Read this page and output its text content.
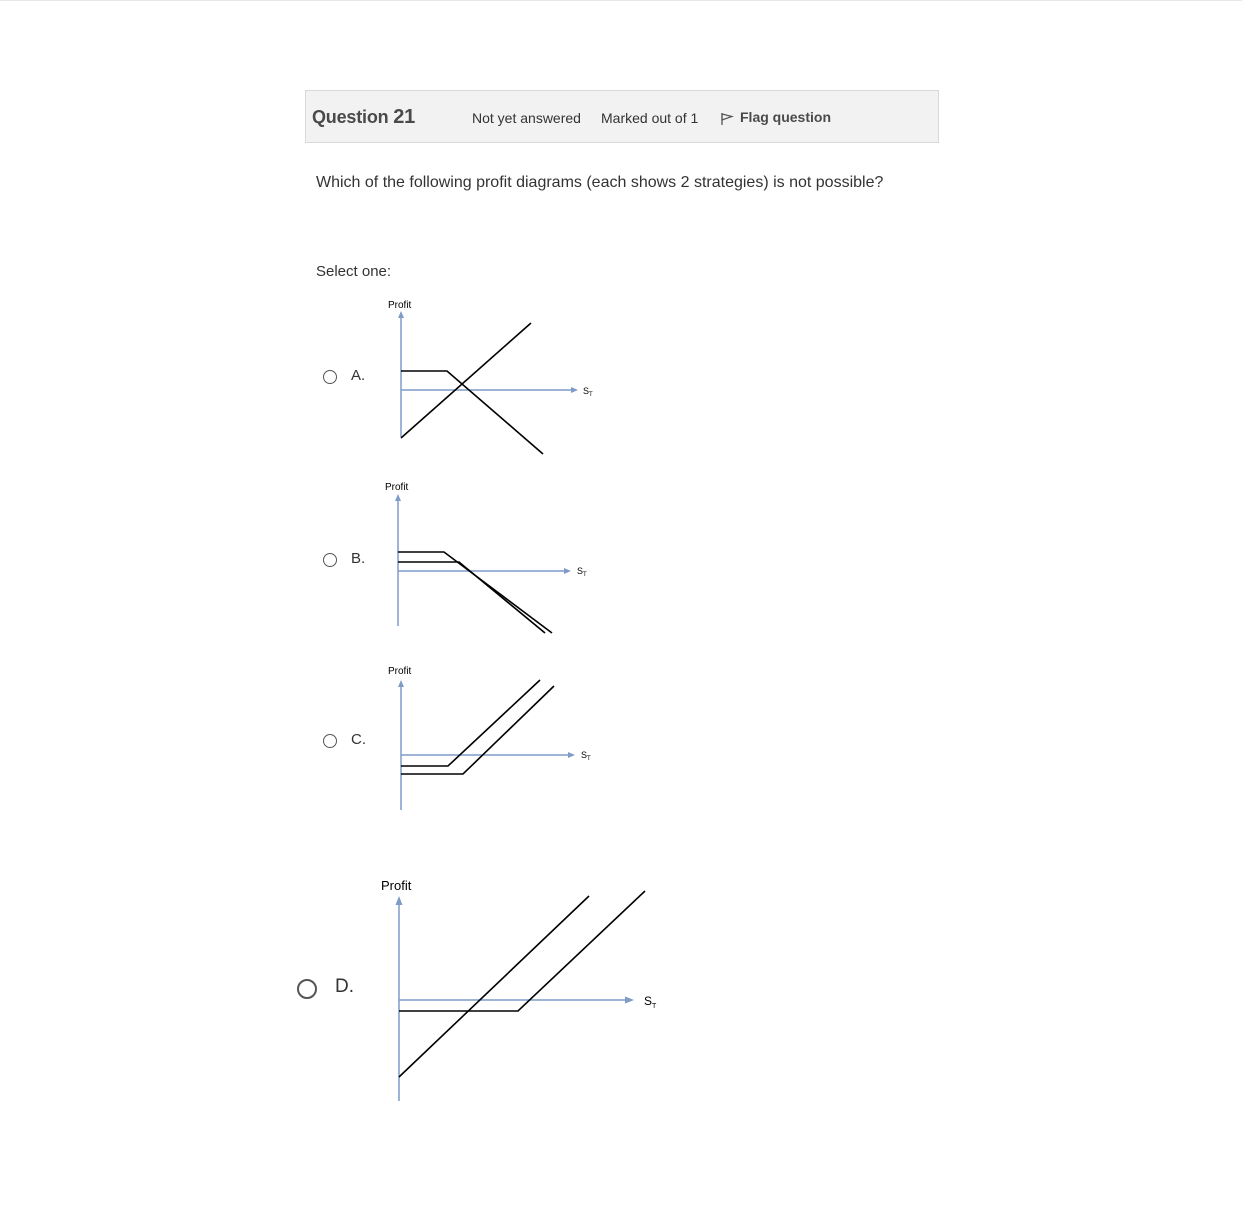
Question 21	Not yet answered Marked out of 1	Flag question
Which of the following profit diagrams (each shows 2 strategies) is not possible?
Select one:
A.
Profit
$S_T$
B.
Profit
$S_T$
C.
Profit
$S_T$
D.
Profit
$S_T$
